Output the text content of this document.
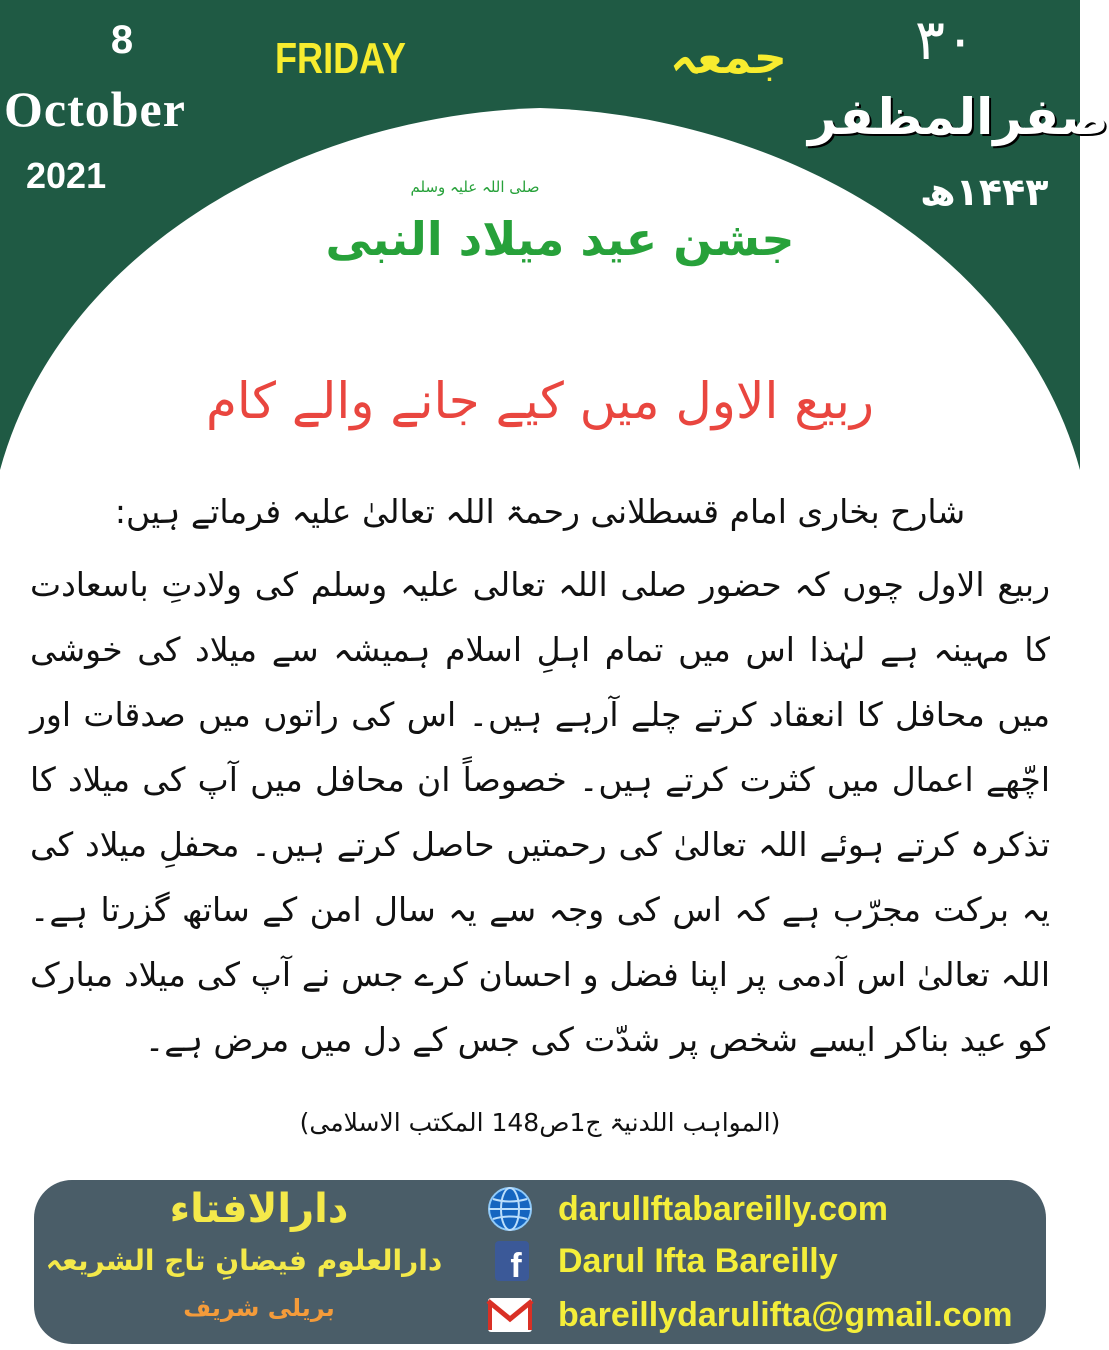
8
October
2021
FRIDAY	جمعہ ۳۰
صفرالمظفر
۱۴۴۳ھ
صلی اللہ علیہ وسلم
جشن عید میلاد النبی
ربیع الاول میں کیے جانے والے کام
شارح بخاری امام قسطلانی رحمۃ اللہ تعالیٰ علیہ فرماتے ہیں:
ربیع الاول چوں کہ حضور صلی اللہ تعالی علیہ وسلم کی ولادتِ باسعادت کا مہینہ ہے لہٰذا اس میں تمام اہلِ اسلام ہمیشہ سے میلاد کی خوشی میں محافل کا انعقاد کرتے چلے آرہے ہیں۔ اس کی راتوں میں صدقات اور اچّھے اعمال میں کثرت کرتے ہیں۔ خصوصاً ان محافل میں آپ کی میلاد کا تذکرہ کرتے ہوئے اللہ تعالیٰ کی رحمتیں حاصل کرتے ہیں۔ محفلِ میلاد کی یہ برکت مجرّب ہے کہ اس کی وجہ سے یہ سال امن کے ساتھ گزرتا ہے۔ اللہ تعالیٰ اس آدمی پر اپنا فضل و احسان کرے جس نے آپ کی میلاد مبارک کو عید بناکر ایسے شخص پر شدّت کی جس کے دل میں مرض ہے۔
(المواہب اللدنیۃ ج1ص148 المکتب الاسلامی)
دارالافتاء
دارالعلوم فیضانِ تاج الشریعہ
بریلی شریف
darulIftabareilly.com
f Darul Ifta Bareilly
bareillydarulifta@gmail.com
